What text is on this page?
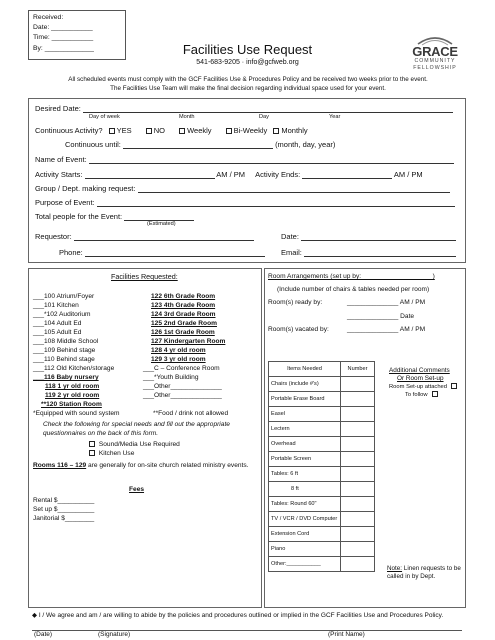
Received:
Date: ___________
Time: ___________
By: _____________	Facilities Use Request
541-683-9205 · info@gcfweb.org
GRACE
COMMUNITY
FELLOWSHIP
All scheduled events must comply with the GCF Facilities Use & Procedures Policy and be received two weeks prior to the event.
The Facilities Use Team will make the final decision regarding individual space used for your event.
Desired Date:
Day of week	Month	Day	Year
Continuous Activity? YES	NO	Weekly	Bi-Weekly Monthly
Continuous until:	(month, day, year)
Name of Event:
Activity Starts:	AM / PM Activity Ends:	AM / PM
Group / Dept. making request:
Purpose of Event:
Total people for the Event:
(Estimated)
Requestor:	Date:
Phone:	Email:
Facilities Requested:
___100 Atrium/Foyer
___101 Kitchen
___*102 Auditorium
___104 Adult Ed
___105 Adult Ed
___108 Middle School
___109 Behind stage
___110 Behind stage
___112 Old Kitchen/storage
___116 Baby nursery
118 1 yr old room
119 2 yr old room
**120 Station Room
122 6th Grade Room
123 4th Grade Room
124 3rd Grade Room
125 2nd Grade Room
126 1st Grade Room
127 Kindergarten Room
128 4 yr old room
129 3 yr old room
___C – Conference Room
___*Youth Building
___Other______________
___Other______________
*Equipped with sound system	**Food / drink not allowed
Check the following for special needs and fill out the appropriate questionnaires on the back of this form.
Sound/Media Use Required
Kitchen Use
Rooms 116 – 129 are generally for on-site church related ministry events.
Fees
Rental $__________
Set up $__________
Janitorial $________
Room Arrangements (set up by: ___________________)
(Include number of chairs & tables needed per room)
Room(s) ready by:	______________ AM / PM
______________ Date
Room(s) vacated by:	______________ AM / PM
Items Needed	Number
Chairs (include #'s)	
Portable Erase Board	
Easel	
Lectern	
Overhead	
Portable Screen	
Tables: 6 ft	
8 ft	
Tables: Round 60"	
TV / VCR / DVD Computer	
Extension Cord	
Piano	
Other:___________	
Additional Comments
Or Room Set-up
Room Set-up attached
To follow
Note: Linen requests to be called in by Dept.
◆ I / We agree and am / are willing to abide by the policies and procedures outlined or implied in the GCF Facilities Use and Procedures Policy.
(Date)	(Signature)	(Print Name)
